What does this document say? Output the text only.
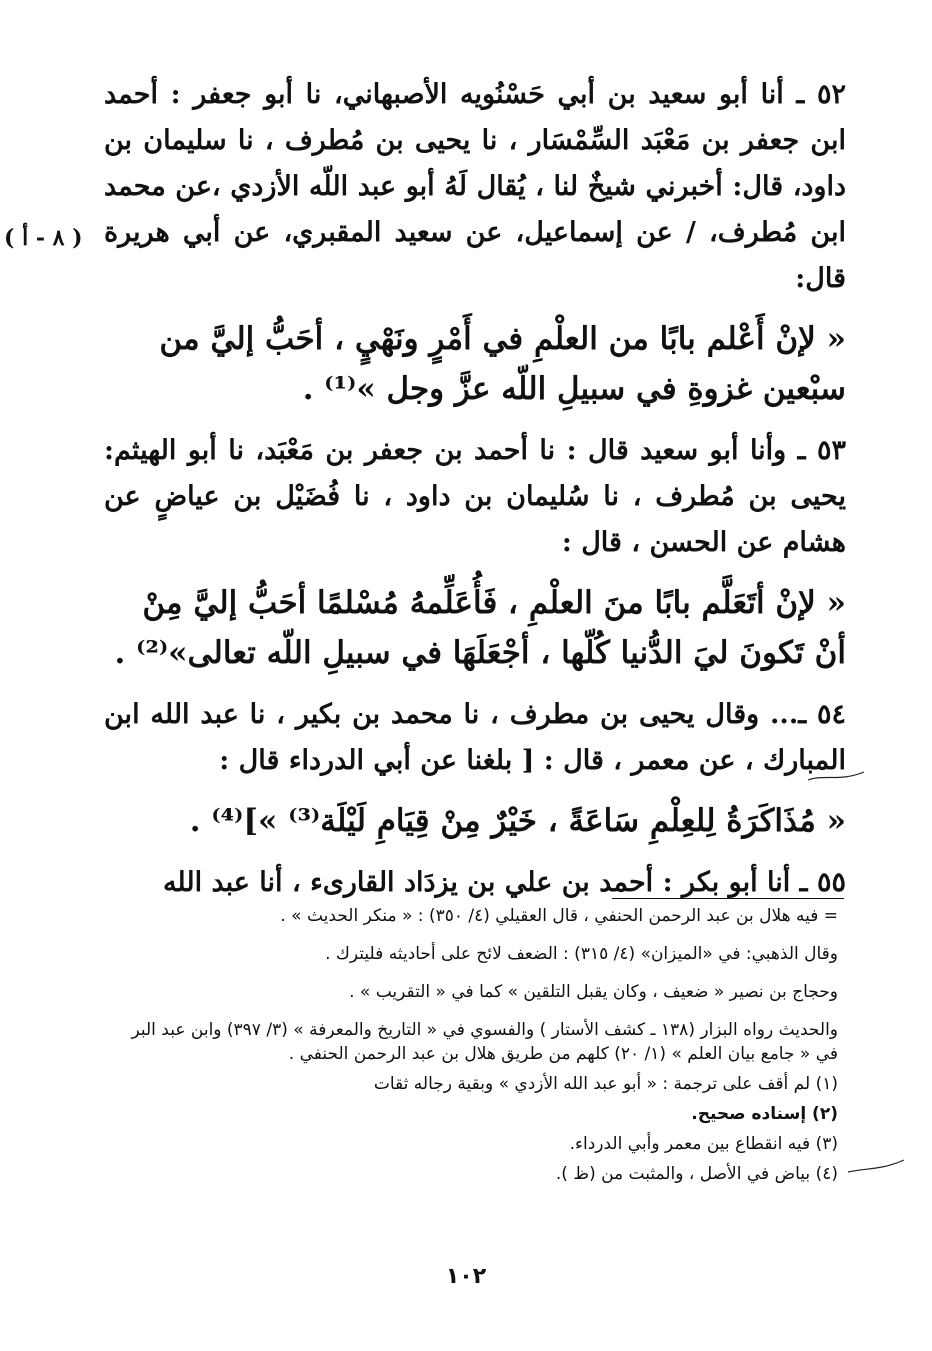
٥٢ ـ أنا أبو سعيد بن أبي حَسْنُويه الأصبهاني، نا أبو جعفر : أحمد ابن جعفر بن مَعْبَد السِّمْسَار ، نا يحيى بن مُطرف ، نا سليمان بن داود، قال: أخبرني شيخٌ لنا ، يُقال لَهُ أبو عبد اللّه الأزدي ،عن محمد ابن مُطرف، / عن إسماعيل، عن سعيد المقبري، عن أبي هريرة قال:

« لإنْ أَعْلم بابًا من العلْمِ في أَمْرٍ ونَهْيٍ ، أحَبُّ إليَّ من سبْعين غزوةِ في سبيلِ اللّه عزَّ وجل »⁽¹⁾ .

٥٣ ـ وأنا أبو سعيد قال : نا أحمد بن جعفر بن مَعْبَد، نا أبو الهيثم: يحيى بن مُطرف ، نا سُليمان بن داود ، نا فُضَيْل بن عياضٍ عن هشام عن الحسن ، قال :

« لإنْ أتَعَلَّم بابًا منَ العلْمِ ، فَأُعَلِّمهُ مُسْلمًا أحَبُّ إليَّ مِنْ أنْ تَكونَ ليَ الدُّنيا كُلّها ، أجْعَلَهَا في سبيلِ اللّه تعالى»⁽²⁾ .

٥٤ ـ... وقال يحيى بن مطرف ، نا محمد بن بكير ، نا عبد الله ابن المبارك ، عن معمر ، قال : [ بلغنا عن أبي الدرداء قال :

« مُذَاكَرَةُ لِلعِلْمِ سَاعَةً ، خَيْرٌ مِنْ قِيَامِ لَيْلَة⁽³⁾ »]⁽⁴⁾ .

٥٥ ـ أنا أبو بكر : أحمد بن علي بن يزدَاد القارىء ، أنا عبد الله

( ٨ - أ )

= فيه هلال بن عبد الرحمن الحنفي ، قال العقيلي (٤/ ٣٥٠) : « منكر الحديث » .

وقال الذهبي: في «الميزان» (٤/ ٣١٥) : الضعف لائح على أحاديثه فليترك .

وحجاج بن نصير « ضعيف ، وكان يقبل التلقين » كما في « التقريب » .

والحديث رواه البزار (١٣٨ ـ كشف الأستار ) والفسوي في « التاريخ والمعرفة » (٣/ ٣٩٧) وابن عبد البر في « جامع بيان العلم » (١/ ٢٠) كلهم من طريق هلال بن عبد الرحمن الحنفي .

(١) لم أقف على ترجمة : « أبو عبد الله الأزدي » وبقية رجاله ثقات

(٢) إسناده صحيح.

(٣) فيه انقطاع بين معمر وأبي الدرداء.

(٤) بياض في الأصل ، والمثبت من (ظ ).

١٠٢
